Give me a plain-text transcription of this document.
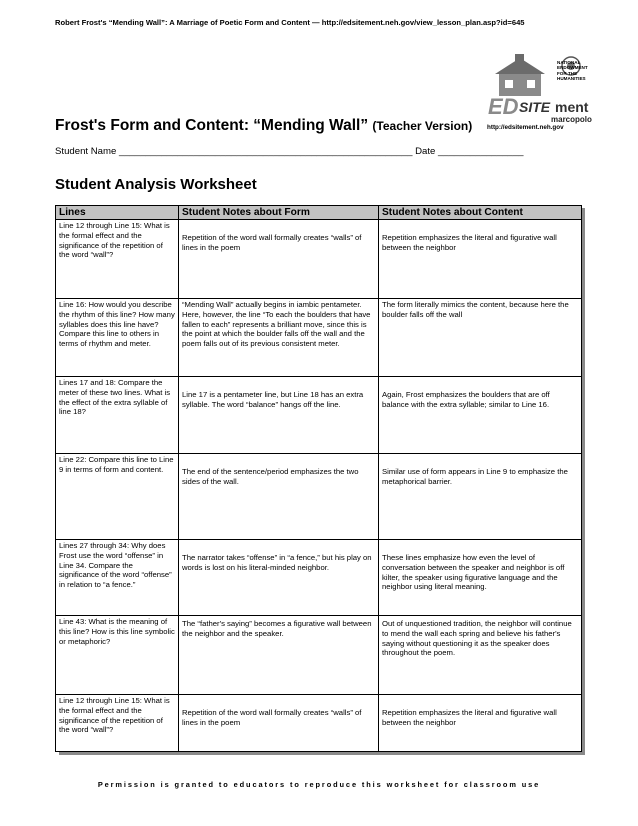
Robert Frost's “Mending Wall”: A Marriage of Poetic Form and Content — http://edsitement.neh.gov/view_lesson_plan.asp?id=645
ED SITE ment
marcopolo
NATIONAL
ENDOWMENT
FOR THE
HUMANITIES
http://edsitement.neh.gov
Frost's Form and Content: “Mending Wall” (Teacher Version)
Student Name _______________________________________________________ Date ________________
Student Analysis Worksheet
Lines	Student Notes about Form	Student Notes about Content
Line 12 through Line 15: What is the formal effect and the significance of the repetition of the word “wall”?	Repetition of the word wall formally creates “walls” of lines in the poem	Repetition emphasizes the literal and figurative wall between the neighbor

Line 16: How would you describe the rhythm of this line? How many syllables does this line have? Compare this line to others in terms of rhythm and meter.	“Mending Wall” actually begins in iambic pentameter. Here, however, the line “To each the boulders that have fallen to each” represents a brilliant move, since this is the point at which the boulder falls off the wall and the poem falls out of its previous consistent meter.	The form literally mimics the content, because here the boulder falls off the wall
Lines 17 and 18: Compare the meter of these two lines. What is the effect of the extra syllable of line 18?	Line 17 is a pentameter line, but Line 18 has an extra syllable. The word “balance” hangs off the line.	Again, Frost emphasizes the boulders that are off balance with the extra syllable; similar to Line 16.

Line 22: Compare this line to Line 9 in terms of form and content.	The end of the sentence/period emphasizes the two sides of the wall.	Similar use of form appears in Line 9 to emphasize the metaphorical barrier.

Lines 27 through 34: Why does Frost use the word “offense” in Line 34. Compare the significance of the word “offense” in relation to “a fence.”	The narrator takes “offense” in “a fence,” but his play on words is lost on his literal-minded neighbor.	These lines emphasize how even the level of conversation between the speaker and neighbor is off kilter, the speaker using figurative language and the neighbor using literal meaning.

Line 43: What is the meaning of this line? How is this line symbolic or metaphoric?	The “father's saying” becomes a figurative wall between the neighbor and the speaker.	Out of unquestioned tradition, the neighbor will continue to mend the wall each spring and believe his father's saying without questioning it as the speaker does throughout the poem.

Line 12 through Line 15: What is the formal effect and the significance of the repetition of the word “wall”?	Repetition of the word wall formally creates “walls” of lines in the poem	Repetition emphasizes the literal and figurative wall between the neighbor
Permission is granted to educators to reproduce this worksheet for classroom use
